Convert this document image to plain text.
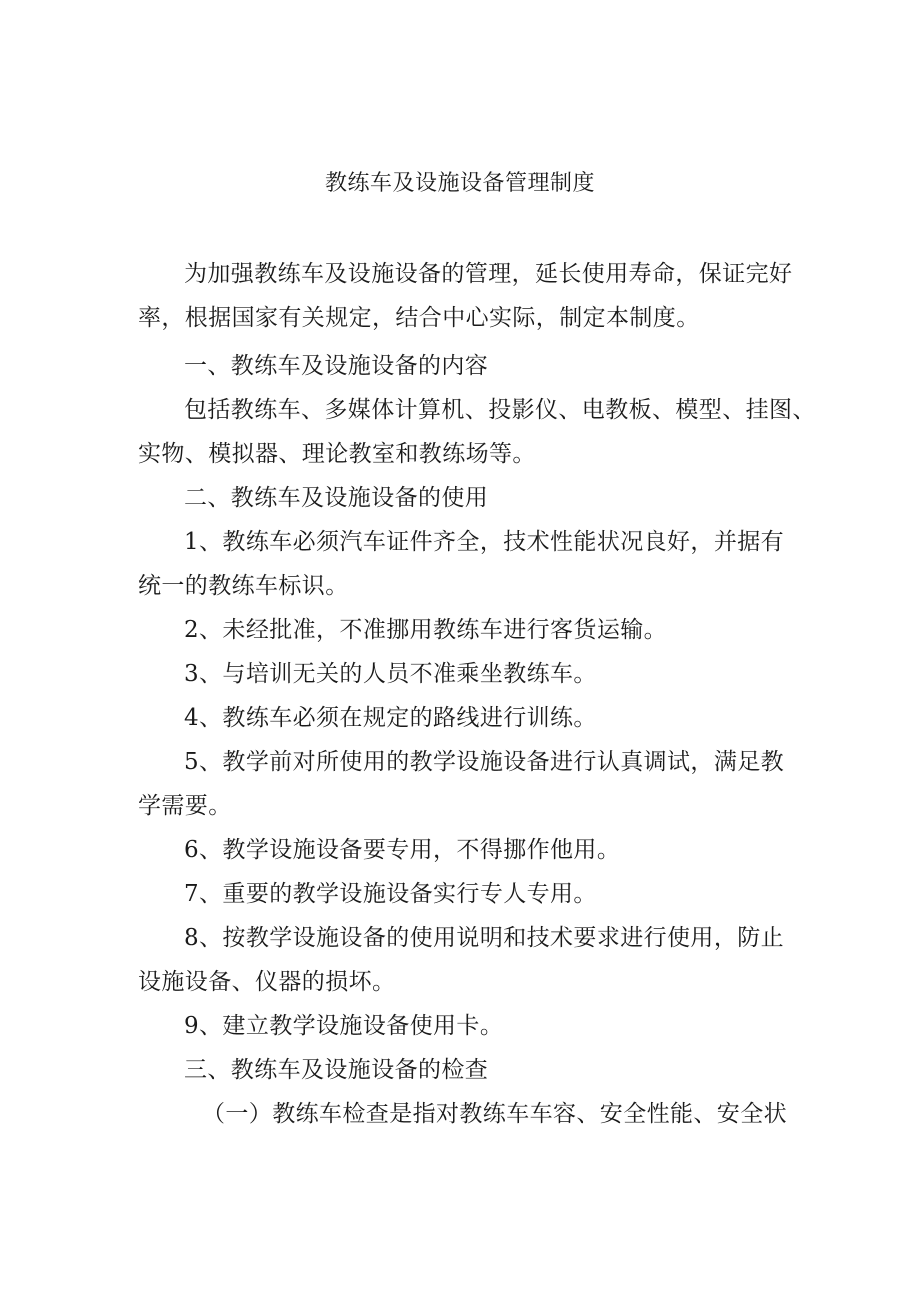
教练车及设施设备管理制度
为加强教练车及设施设备的管理，延长使用寿命，保证完好
率，根据国家有关规定，结合中心实际，制定本制度。
一、教练车及设施设备的内容
包括教练车、多媒体计算机、投影仪、电教板、模型、挂图、
实物、模拟器、理论教室和教练场等。
二、教练车及设施设备的使用
1、教练车必须汽车证件齐全，技术性能状况良好，并据有
统一的教练车标识。
2、未经批准，不准挪用教练车进行客货运输。
3、与培训无关的人员不准乘坐教练车。
4、教练车必须在规定的路线进行训练。
5、教学前对所使用的教学设施设备进行认真调试，满足教
学需要。
6、教学设施设备要专用，不得挪作他用。
7、重要的教学设施设备实行专人专用。
8、按教学设施设备的使用说明和技术要求进行使用，防止
设施设备、仪器的损坏。
9、建立教学设施设备使用卡。
三、教练车及设施设备的检查
（一）教练车检查是指对教练车车容、安全性能、安全状
